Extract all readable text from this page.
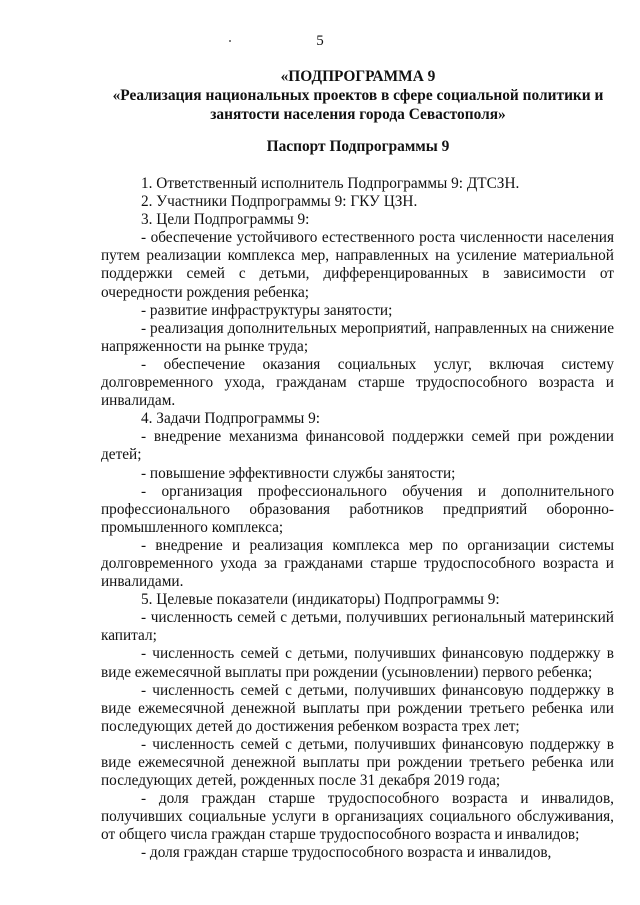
5
«ПОДПРОГРАММА 9
«Реализация национальных проектов в сфере социальной политики и занятости населения города Севастополя»
Паспорт Подпрограммы 9

1. Ответственный исполнитель Подпрограммы 9: ДТСЗН.

2. Участники Подпрограммы 9: ГКУ ЦЗН.

3. Цели Подпрограммы 9:

- обеспечение устойчивого естественного роста численности населения путем реализации комплекса мер, направленных на усиление материальной поддержки семей с детьми, дифференцированных в зависимости от очередности рождения ребенка;

- развитие инфраструктуры занятости;

- реализация дополнительных мероприятий, направленных на снижение напряженности на рынке труда;

- обеспечение оказания социальных услуг, включая систему долговременного ухода, гражданам старше трудоспособного возраста и инвалидам.

4. Задачи Подпрограммы 9:

- внедрение механизма финансовой поддержки семей при рождении детей;

- повышение эффективности службы занятости;

- организация профессионального обучения и дополнительного профессионального образования работников предприятий оборонно-промышленного комплекса;

- внедрение и реализация комплекса мер по организации системы долговременного ухода за гражданами старше трудоспособного возраста и инвалидами.

5. Целевые показатели (индикаторы) Подпрограммы 9:

- численность семей с детьми, получивших региональный материнский капитал;

- численность семей с детьми, получивших финансовую поддержку в виде ежемесячной выплаты при рождении (усыновлении) первого ребенка;

- численность семей с детьми, получивших финансовую поддержку в виде ежемесячной денежной выплаты при рождении третьего ребенка или последующих детей до достижения ребенком возраста трех лет;

- численность семей с детьми, получивших финансовую поддержку в виде ежемесячной денежной выплаты при рождении третьего ребенка или последующих детей, рожденных после 31 декабря 2019 года;

- доля граждан старше трудоспособного возраста и инвалидов, получивших социальные услуги в организациях социального обслуживания, от общего числа граждан старше трудоспособного возраста и инвалидов;

- доля граждан старше трудоспособного возраста и инвалидов,
